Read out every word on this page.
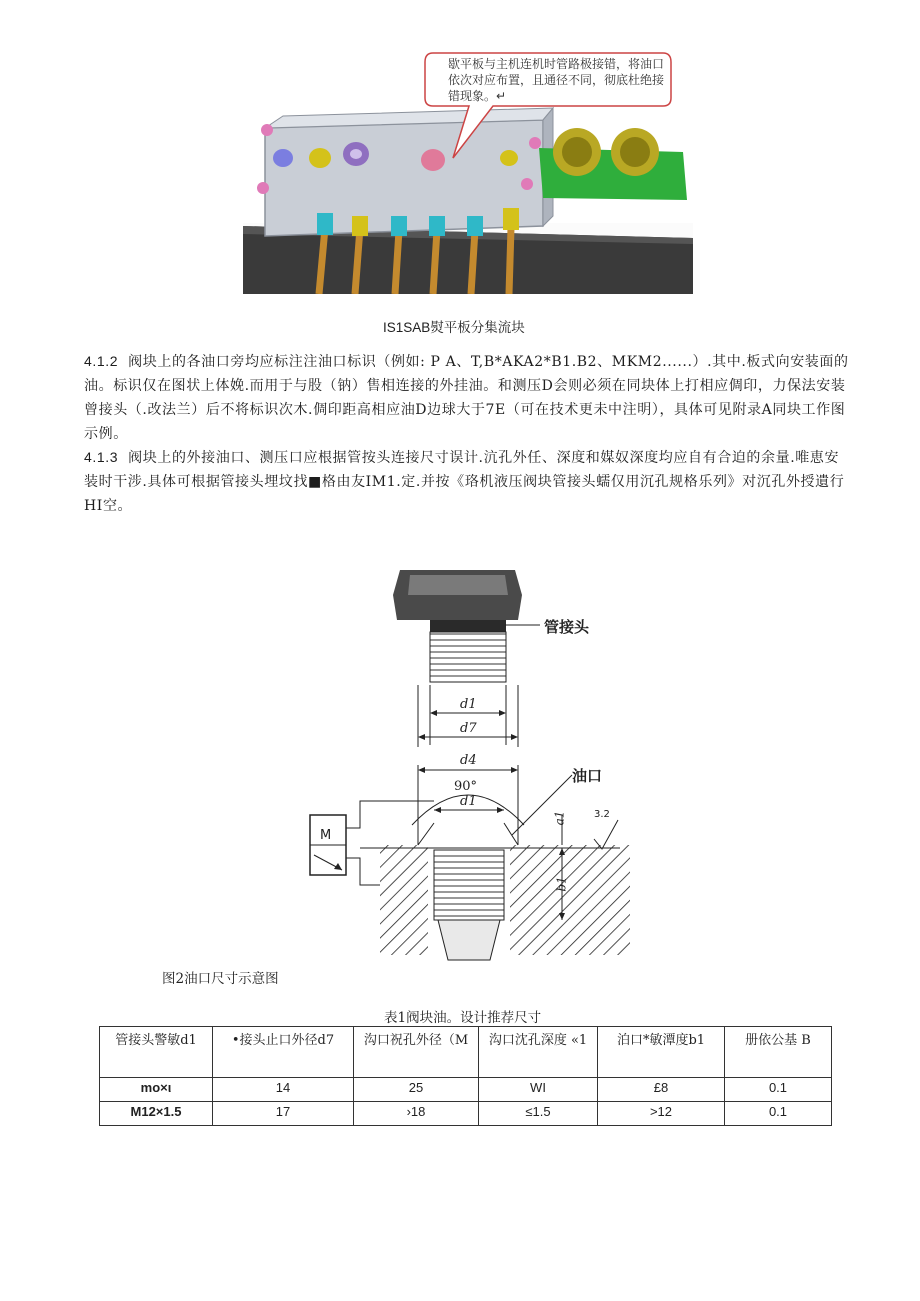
歇平板与主机连机时管路极接错，将油口依次对应布置，且通径不同，彻底杜绝接错现象。↵
IS1SAB熨平板分集流块
4.1.2 阀块上的各油口旁均应标注注油口标识（例如: P A、T,B*AKA2*B1.B2、MKM2......）.其中.板式向安装面的油。标识仅在图状上体娩.而用于与股（钠）售相连接的外挂油。和测压D会则必须在同块体上打相应倜印，力保法安装曾接头（.改法兰）后不将标识次木.倜印距高相应油D边球大于7E（可在技术更未中注明），具体可见附录A同块工作图示例。
4.1.3 阀块上的外接油口、测压口应根据管按头连接尺寸误计.沆孔外任、深度和媒奴深度均应自有合迫的余量.唯恵安装时干涉.具体可根据管接头埋坟找■格由友IM1.定.并按《珞机液压阀块管接头蠕仅用沉孔规格乐列》对沉孔外授遺行HI空。
M
管接头
油口
d1
d7
d4
90°
d1
a1
b1
3.2
图2油口尺寸示意图
表1阀块油。设计推荐尺寸
管接头警敏d1	•接头止口外径d7	沟口祝孔外径（M	沟口沈孔深度 «1	泊口*敏潭度b1	册依公基 B
mo×ι	14	25	WI	£8	0.1
M12×1.5	17	›18	≤1.5	>12	0.1
